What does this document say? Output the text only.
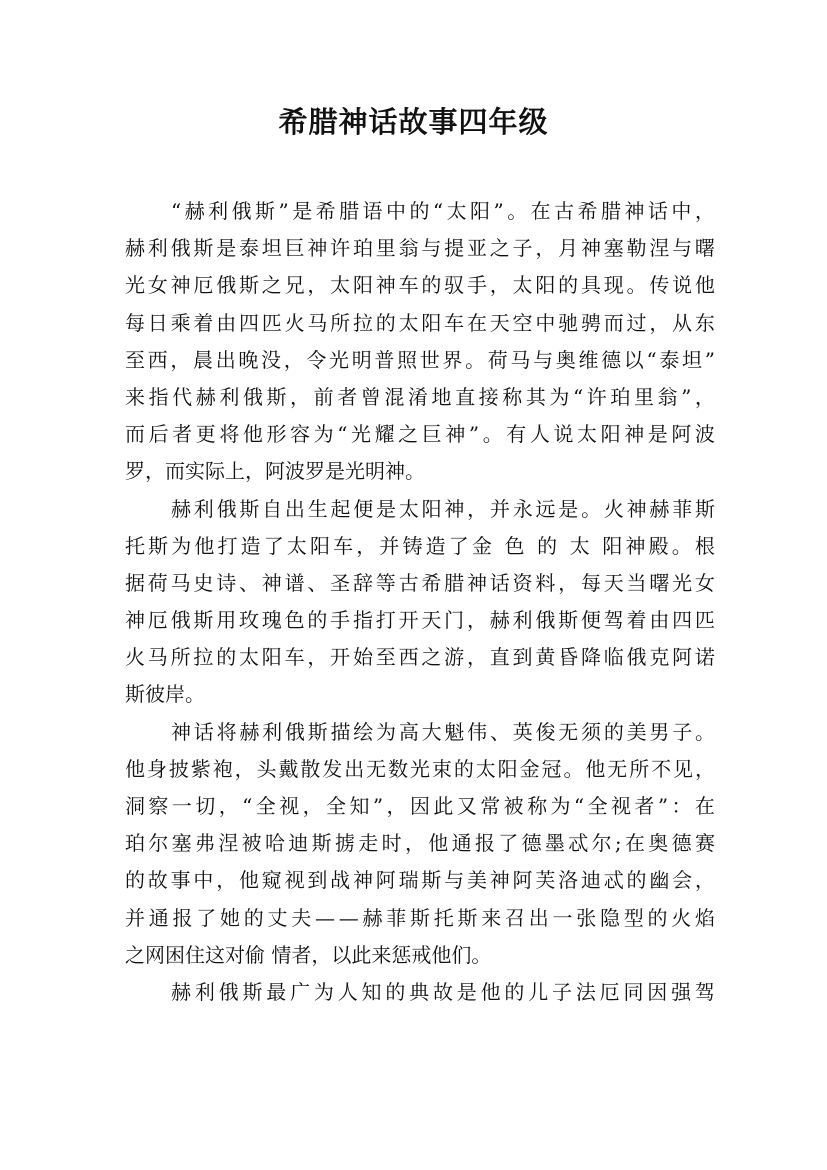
希腊神话故事四年级
“ 赫 利 俄 斯 ” 是 希 腊 语 中 的 “ 太 阳 ” 。 在 古 希 腊 神 话 中 ，
赫 利 俄 斯 是 泰 坦 巨 神 许 珀 里 翁 与 提 亚 之 子 ， 月 神 塞 勒 涅 与 曙
光 女 神 厄 俄 斯 之 兄 ， 太 阳 神 车 的 驭 手 ， 太 阳 的 具 现 。 传 说 他
每 日 乘 着 由 四 匹 火 马 所 拉 的 太 阳 车 在 天 空 中 驰 骋 而 过 ， 从 东
至 西 ， 晨 出 晚 没 ， 令 光 明 普 照 世 界 。 荷 马 与 奥 维 德 以 “ 泰 坦 ”
来 指 代 赫 利 俄 斯 ， 前 者 曾 混 淆 地 直 接 称 其 为 “ 许 珀 里 翁 ” ，
而 后 者 更 将 他 形 容 为 “ 光 耀 之 巨 神 ” 。 有 人 说 太 阳 神 是 阿 波
罗，而实际上，阿波罗是光明神。
赫 利 俄 斯 自 出 生 起 便 是 太 阳 神 ， 并 永 远 是 。 火 神 赫 菲 斯
托 斯 为 他 打 造 了 太 阳 车 ， 并 铸 造 了 金
色
的
太
阳 神 殿 。 根
据 荷 马 史 诗 、 神 谱 、 圣 辞 等 古 希 腊 神 话 资 料 ， 每 天 当 曙 光 女
神 厄 俄 斯 用 玫 瑰 色 的 手 指 打 开 天 门 ， 赫 利 俄 斯 便 驾 着 由 四 匹
火 马 所 拉 的 太 阳 车 ， 开 始 至 西 之 游 ， 直 到 黄 昏 降 临 俄 克 阿 诺
斯彼岸。
神 话 将 赫 利 俄 斯 描 绘 为 高 大 魁 伟 、 英 俊 无 须 的 美 男 子 。
他 身 披 紫 袍 ， 头 戴 散 发 出 无 数 光 束 的 太 阳 金 冠 。 他 无 所 不 见 ，
洞 察 一 切 ， “ 全 视 ， 全 知 ” ， 因 此 又 常 被 称 为 “ 全 视 者 ” ： 在
珀 尔 塞 弗 涅 被 哈 迪 斯 掳 走 时 ， 他 通 报 了 德 墨 忒 尔 ; 在 奥 德 赛
的 故 事 中 ， 他 窥 视 到 战 神 阿 瑞 斯 与 美 神 阿 芙 洛 迪 忒 的 幽 会 ，
并 通 报 了 她 的 丈 夫 — — 赫 菲 斯 托 斯 来 召 出 一 张 隐 型 的 火 焰
之网困住这对偷 情者，以此来惩戒他们。
赫 利 俄 斯 最 广 为 人 知 的 典 故 是 他 的 儿 子 法 厄 同 因 强 驾
